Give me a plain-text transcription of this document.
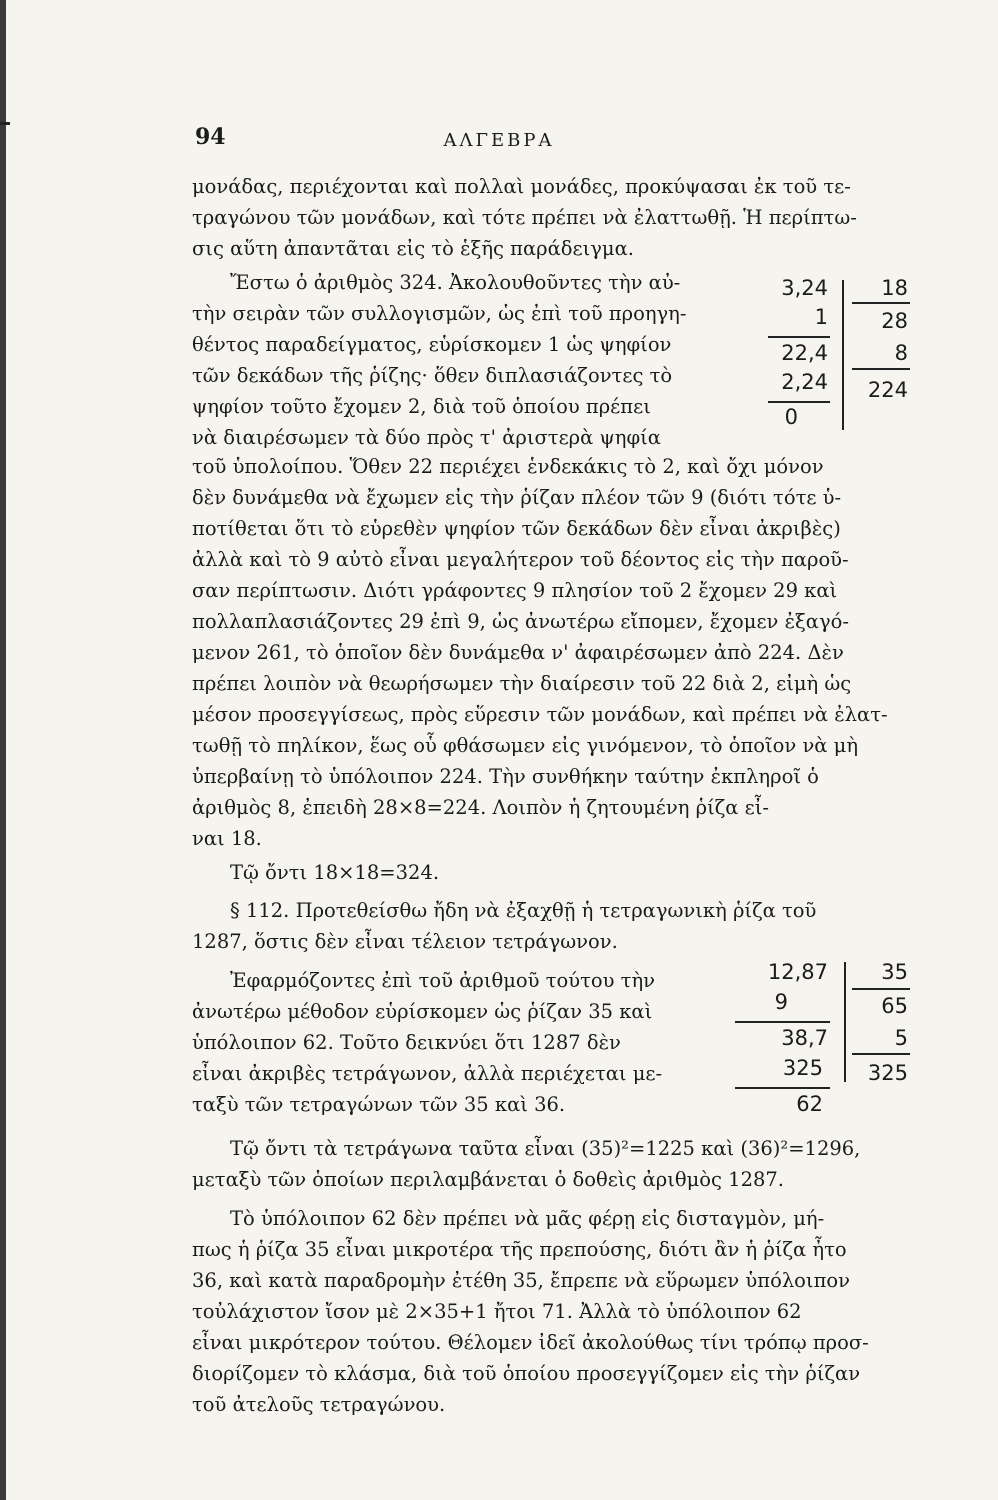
94	ΑΛΓΕΒΡΑ
μονάδας, περιέχονται καὶ πολλαὶ μονάδες, προκύψασαι ἐκ τοῦ τε-
τραγώνου τῶν μονάδων, καὶ τότε πρέπει νὰ ἐλαττωθῇ. Ἡ περίπτω-
σις αὕτη ἀπαντᾶται εἰς τὸ ἑξῆς παράδειγμα.
Ἔστω ὁ ἀριθμὸς 324. Ἀκολουθοῦντες τὴν αὐ-
τὴν σειρὰν τῶν συλλογισμῶν, ὡς ἐπὶ τοῦ προηγη-
θέντος παραδείγματος, εὑρίσκομεν 1 ὡς ψηφίον
τῶν δεκάδων τῆς ῥίζης· ὅθεν διπλασιάζοντες τὸ
ψηφίον τοῦτο ἔχομεν 2, διὰ τοῦ ὁποίου πρέπει
νὰ διαιρέσωμεν τὰ δύο πρὸς τ' ἀριστερὰ ψηφία
3,24
1
22,4
2,24
0
18
28
8
224
τοῦ ὑπολοίπου. Ὅθεν 22 περιέχει ἑνδεκάκις τὸ 2, καὶ ὄχι μόνον
δὲν δυνάμεθα νὰ ἔχωμεν εἰς τὴν ῥίζαν πλέον τῶν 9 (διότι τότε ὑ-
ποτίθεται ὅτι τὸ εὑρεθὲν ψηφίον τῶν δεκάδων δὲν εἶναι ἀκριβὲς)
ἀλλὰ καὶ τὸ 9 αὐτὸ εἶναι μεγαλήτερον τοῦ δέοντος εἰς τὴν παροῦ-
σαν περίπτωσιν. Διότι γράφοντες 9 πλησίον τοῦ 2 ἔχομεν 29 καὶ
πολλαπλασιάζοντες 29 ἐπὶ 9, ὡς ἀνωτέρω εἴπομεν, ἔχομεν ἐξαγό-
μενον 261, τὸ ὁποῖον δὲν δυνάμεθα ν' ἀφαιρέσωμεν ἀπὸ 224. Δὲν
πρέπει λοιπὸν νὰ θεωρήσωμεν τὴν διαίρεσιν τοῦ 22 διὰ 2, εἰμὴ ὡς
μέσον προσεγγίσεως, πρὸς εὕρεσιν τῶν μονάδων, καὶ πρέπει νὰ ἐλατ-
τωθῇ τὸ πηλίκον, ἕως οὗ φθάσωμεν εἰς γινόμενον, τὸ ὁποῖον νὰ μὴ
ὑπερβαίνῃ τὸ ὑπόλοιπον 224. Τὴν συνθήκην ταύτην ἐκπληροῖ ὁ
ἀριθμὸς 8, ἐπειδὴ 28×8=224. Λοιπὸν ἡ ζητουμένη ῥίζα εἶ-
ναι 18.
Τῷ ὄντι 18×18=324.
§ 112. Προτεθείσθω ἤδη νὰ ἐξαχθῇ ἡ τετραγωνικὴ ῥίζα τοῦ
1287, ὅστις δὲν εἶναι τέλειον τετράγωνον.
Ἐφαρμόζοντες ἐπὶ τοῦ ἀριθμοῦ τούτου τὴν
ἀνωτέρω μέθοδον εὑρίσκομεν ὡς ῥίζαν 35 καὶ
ὑπόλοιπον 62. Τοῦτο δεικνύει ὅτι 1287 δὲν
εἶναι ἀκριβὲς τετράγωνον, ἀλλὰ περιέχεται με-
ταξὺ τῶν τετραγώνων τῶν 35 καὶ 36.
12,87
9
38,7
325
62
35
65
5
325
Τῷ ὄντι τὰ τετράγωνα ταῦτα εἶναι (35)²=1225 καὶ (36)²=1296,
μεταξὺ τῶν ὁποίων περιλαμβάνεται ὁ δοθεὶς ἀριθμὸς 1287.
Τὸ ὑπόλοιπον 62 δὲν πρέπει νὰ μᾶς φέρῃ εἰς δισταγμὸν, μή-
πως ἡ ῥίζα 35 εἶναι μικροτέρα τῆς πρεπούσης, διότι ἂν ἡ ῥίζα ἦτο
36, καὶ κατὰ παραδρομὴν ἐτέθη 35, ἔπρεπε νὰ εὕρωμεν ὑπόλοιπον
τοὐλάχιστον ἴσον μὲ 2×35+1 ἤτοι 71. Ἀλλὰ τὸ ὑπόλοιπον 62
εἶναι μικρότερον τούτου. Θέλομεν ἰδεῖ ἀκολούθως τίνι τρόπῳ προσ-
διορίζομεν τὸ κλάσμα, διὰ τοῦ ὁποίου προσεγγίζομεν εἰς τὴν ῥίζαν
τοῦ ἀτελοῦς τετραγώνου.
